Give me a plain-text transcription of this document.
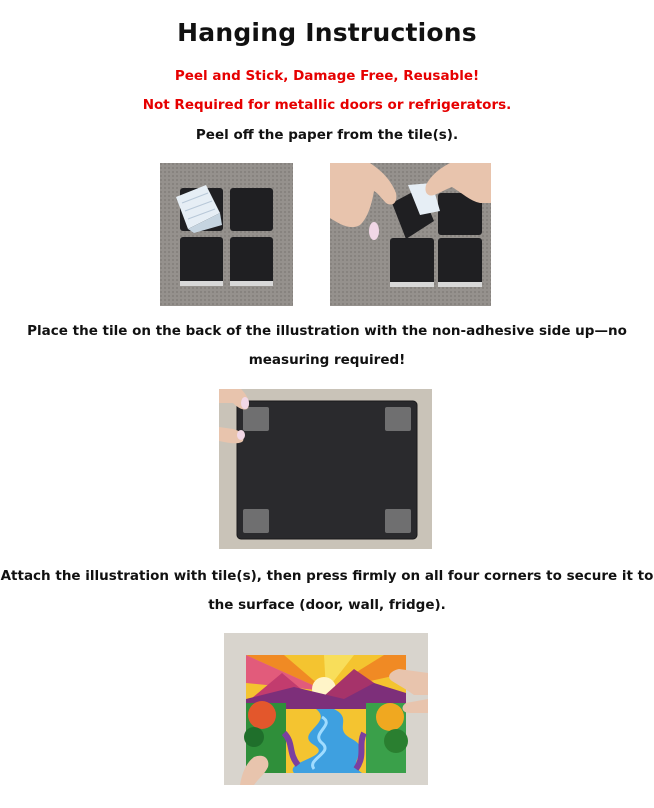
Hanging Instructions
Peel and Stick, Damage Free, Reusable!
Not Required for metallic doors or refrigerators.
Peel off the paper from the tile(s).
Place the tile on the back of the illustration with the non-adhesive side up—no
measuring required!
Attach the illustration with tile(s), then press firmly on all four corners to secure it to
the surface (door, wall, fridge).
